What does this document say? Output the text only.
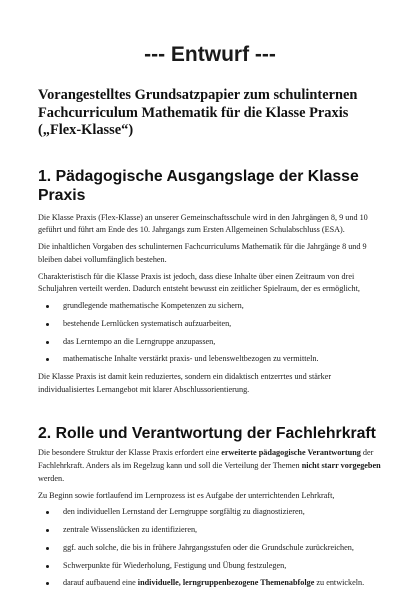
--- Entwurf ---

Vorangestelltes Grundsatzpapier zum schulinternen Fachcurriculum Mathematik für die Klasse Praxis („Flex-Klasse“)

1. Pädagogische Ausgangslage der Klasse Praxis

Die Klasse Praxis (Flex-Klasse) an unserer Gemeinschaftsschule wird in den Jahrgängen 8, 9 und 10 geführt und führt am Ende des 10. Jahrgangs zum Ersten Allgemeinen Schulabschluss (ESA).

Die inhaltlichen Vorgaben des schulinternen Fachcurriculums Mathematik für die Jahrgänge 8 und 9 bleiben dabei vollumfänglich bestehen.

Charakteristisch für die Klasse Praxis ist jedoch, dass diese Inhalte über einen Zeitraum von drei Schuljahren verteilt werden. Dadurch entsteht bewusst ein zeitlicher Spielraum, der es ermöglicht,

grundlegende mathematische Kompetenzen zu sichern,
bestehende Lernlücken systematisch aufzuarbeiten,
das Lerntempo an die Lerngruppe anzupassen,
mathematische Inhalte verstärkt praxis- und lebensweltbezogen zu vermitteln.

Die Klasse Praxis ist damit kein reduziertes, sondern ein didaktisch entzerrtes und stärker individualisiertes Lernangebot mit klarer Abschlussorientierung.

2. Rolle und Verantwortung der Fachlehrkraft

Die besondere Struktur der Klasse Praxis erfordert eine erweiterte pädagogische Verantwortung der Fachlehrkraft. Anders als im Regelzug kann und soll die Verteilung der Themen nicht starr vorgegeben werden.

Zu Beginn sowie fortlaufend im Lernprozess ist es Aufgabe der unterrichtenden Lehrkraft,

den individuellen Lernstand der Lerngruppe sorgfältig zu diagnostizieren,
zentrale Wissenslücken zu identifizieren,
ggf. auch solche, die bis in frühere Jahrgangsstufen oder die Grundschule zurückreichen,
Schwerpunkte für Wiederholung, Festigung und Übung festzulegen,
darauf aufbauend eine individuelle, lerngruppenbezogene Themenabfolge zu entwickeln.
